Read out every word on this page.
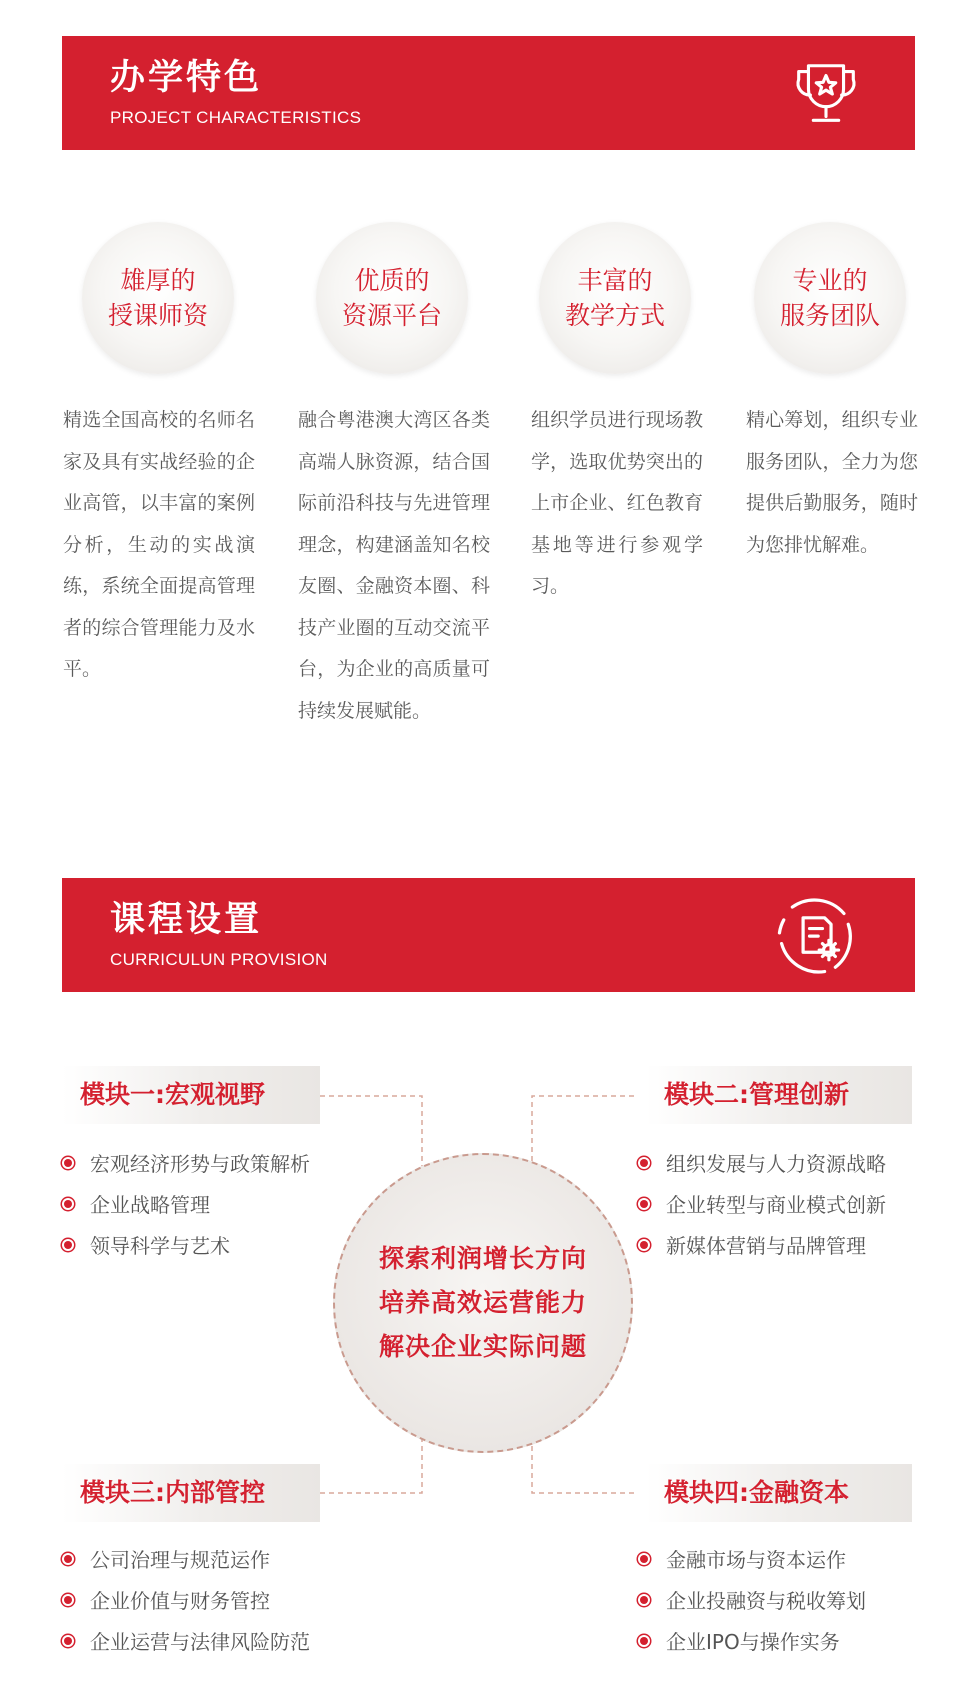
办学特色
PROJECT CHARACTERISTICS
雄厚的
授课师资
优质的
资源平台
丰富的
教学方式
专业的
服务团队
精选全国高校的名师名家及具有实战经验的企业高管，以丰富的案例分析，生动的实战演练，系统全面提高管理者的综合管理能力及水平。
融合粤港澳大湾区各类高端人脉资源，结合国际前沿科技与先进管理理念，构建涵盖知名校友圈、金融资本圈、科技产业圈的互动交流平台，为企业的高质量可持续发展赋能。
组织学员进行现场教学，选取优势突出的上市企业、红色教育基地等进行参观学习。
精心筹划，组织专业服务团队，全力为您提供后勤服务，随时为您排忧解难。
课程设置
CURRICULUN PROVISION
探索利润增长方向
培养高效运营能力
解决企业实际问题
模块一:宏观视野	模块二:管理创新
模块三:内部管控	模块四:金融资本
宏观经济形势与政策解析
企业战略管理
领导科学与艺术
组织发展与人力资源战略
企业转型与商业模式创新
新媒体营销与品牌管理
公司治理与规范运作
企业价值与财务管控
企业运营与法律风险防范
金融市场与资本运作
企业投融资与税收筹划
企业IPO与操作实务
